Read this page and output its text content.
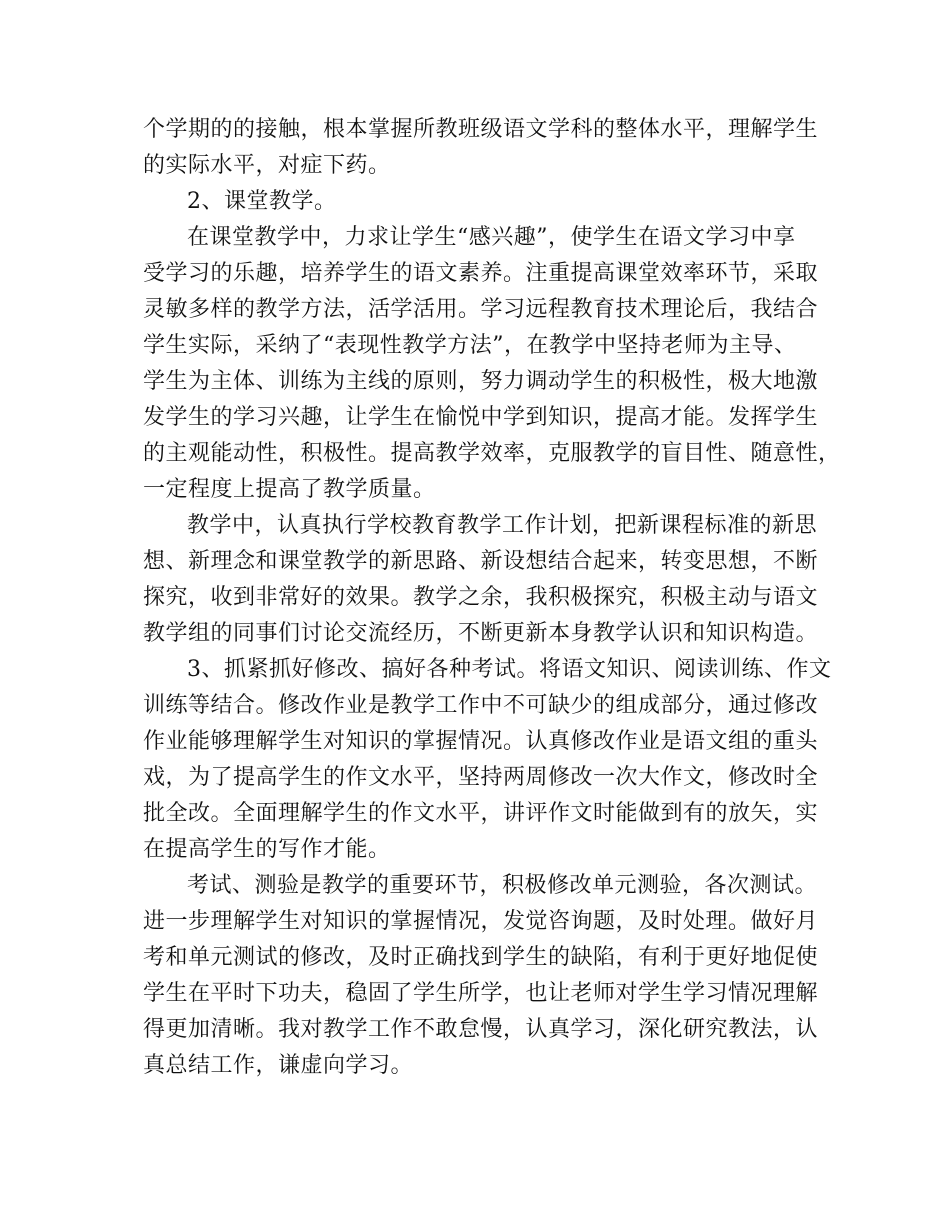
个学期的的接触，根本掌握所教班级语文学科的整体水平，理解学生
的实际水平，对症下药。
2、课堂教学。
在课堂教学中，力求让学生“感兴趣”，使学生在语文学习中享
受学习的乐趣，培养学生的语文素养。注重提高课堂效率环节，采取
灵敏多样的教学方法，活学活用。学习远程教育技术理论后，我结合
学生实际，采纳了“表现性教学方法”，在教学中坚持老师为主导、
学生为主体、训练为主线的原则，努力调动学生的积极性，极大地激
发学生的学习兴趣，让学生在愉悦中学到知识，提高才能。发挥学生
的主观能动性，积极性。提高教学效率，克服教学的盲目性、随意性，
一定程度上提高了教学质量。
教学中，认真执行学校教育教学工作计划，把新课程标准的新思
想、新理念和课堂教学的新思路、新设想结合起来，转变思想，不断
探究，收到非常好的效果。教学之余，我积极探究，积极主动与语文
教学组的同事们讨论交流经历，不断更新本身教学认识和知识构造。
3、抓紧抓好修改、搞好各种考试。将语文知识、阅读训练、作文
训练等结合。修改作业是教学工作中不可缺少的组成部分，通过修改
作业能够理解学生对知识的掌握情况。认真修改作业是语文组的重头
戏，为了提高学生的作文水平，坚持两周修改一次大作文，修改时全
批全改。全面理解学生的作文水平，讲评作文时能做到有的放矢，实
在提高学生的写作才能。
考试、测验是教学的重要环节，积极修改单元测验，各次测试。
进一步理解学生对知识的掌握情况，发觉咨询题，及时处理。做好月
考和单元测试的修改，及时正确找到学生的缺陷，有利于更好地促使
学生在平时下功夫，稳固了学生所学，也让老师对学生学习情况理解
得更加清晰。我对教学工作不敢怠慢，认真学习，深化研究教法，认
真总结工作，谦虚向学习。
